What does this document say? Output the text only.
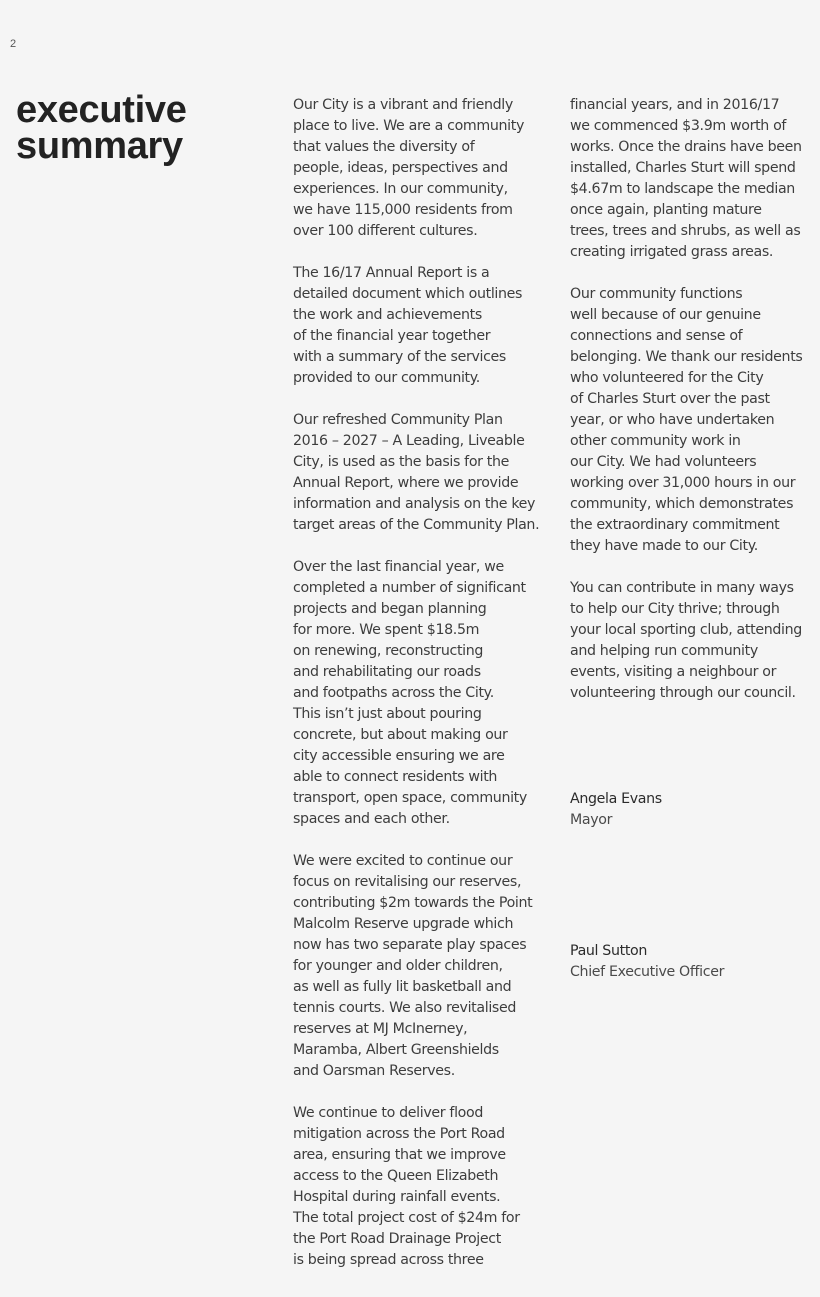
2
executive
summary

Our City is a vibrant and friendly
place to live. We are a community
that values the diversity of
people, ideas, perspectives and
experiences. In our community,
we have 115,000 residents from
over 100 different cultures.

The 16/17 Annual Report is a
detailed document which outlines
the work and achievements
of the financial year together
with a summary of the services
provided to our community.

Our refreshed Community Plan
2016 – 2027 – A Leading, Liveable
City, is used as the basis for the
Annual Report, where we provide
information and analysis on the key
target areas of the Community Plan.

Over the last financial year, we
completed a number of significant
projects and began planning
for more. We spent $18.5m
on renewing, reconstructing
and rehabilitating our roads
and footpaths across the City.
This isn’t just about pouring
concrete, but about making our
city accessible ensuring we are
able to connect residents with
transport, open space, community
spaces and each other.

We were excited to continue our
focus on revitalising our reserves,
contributing $2m towards the Point
Malcolm Reserve upgrade which
now has two separate play spaces
for younger and older children,
as well as fully lit basketball and
tennis courts. We also revitalised
reserves at MJ McInerney,
Maramba, Albert Greenshields
and Oarsman Reserves.

We continue to deliver flood
mitigation across the Port Road
area, ensuring that we improve
access to the Queen Elizabeth
Hospital during rainfall events.
The total project cost of $24m for
the Port Road Drainage Project
is being spread across three

financial years, and in 2016/17
we commenced $3.9m worth of
works. Once the drains have been
installed, Charles Sturt will spend
$4.67m to landscape the median
once again, planting mature
trees, trees and shrubs, as well as
creating irrigated grass areas.

Our community functions
well because of our genuine
connections and sense of
belonging. We thank our residents
who volunteered for the City
of Charles Sturt over the past
year, or who have undertaken
other community work in
our City. We had volunteers
working over 31,000 hours in our
community, which demonstrates
the extraordinary commitment
they have made to our City.

You can contribute in many ways
to help our City thrive; through
your local sporting club, attending
and helping run community
events, visiting a neighbour or
volunteering through our council.

Angela Evans
Mayor
Paul Sutton
Chief Executive Officer
